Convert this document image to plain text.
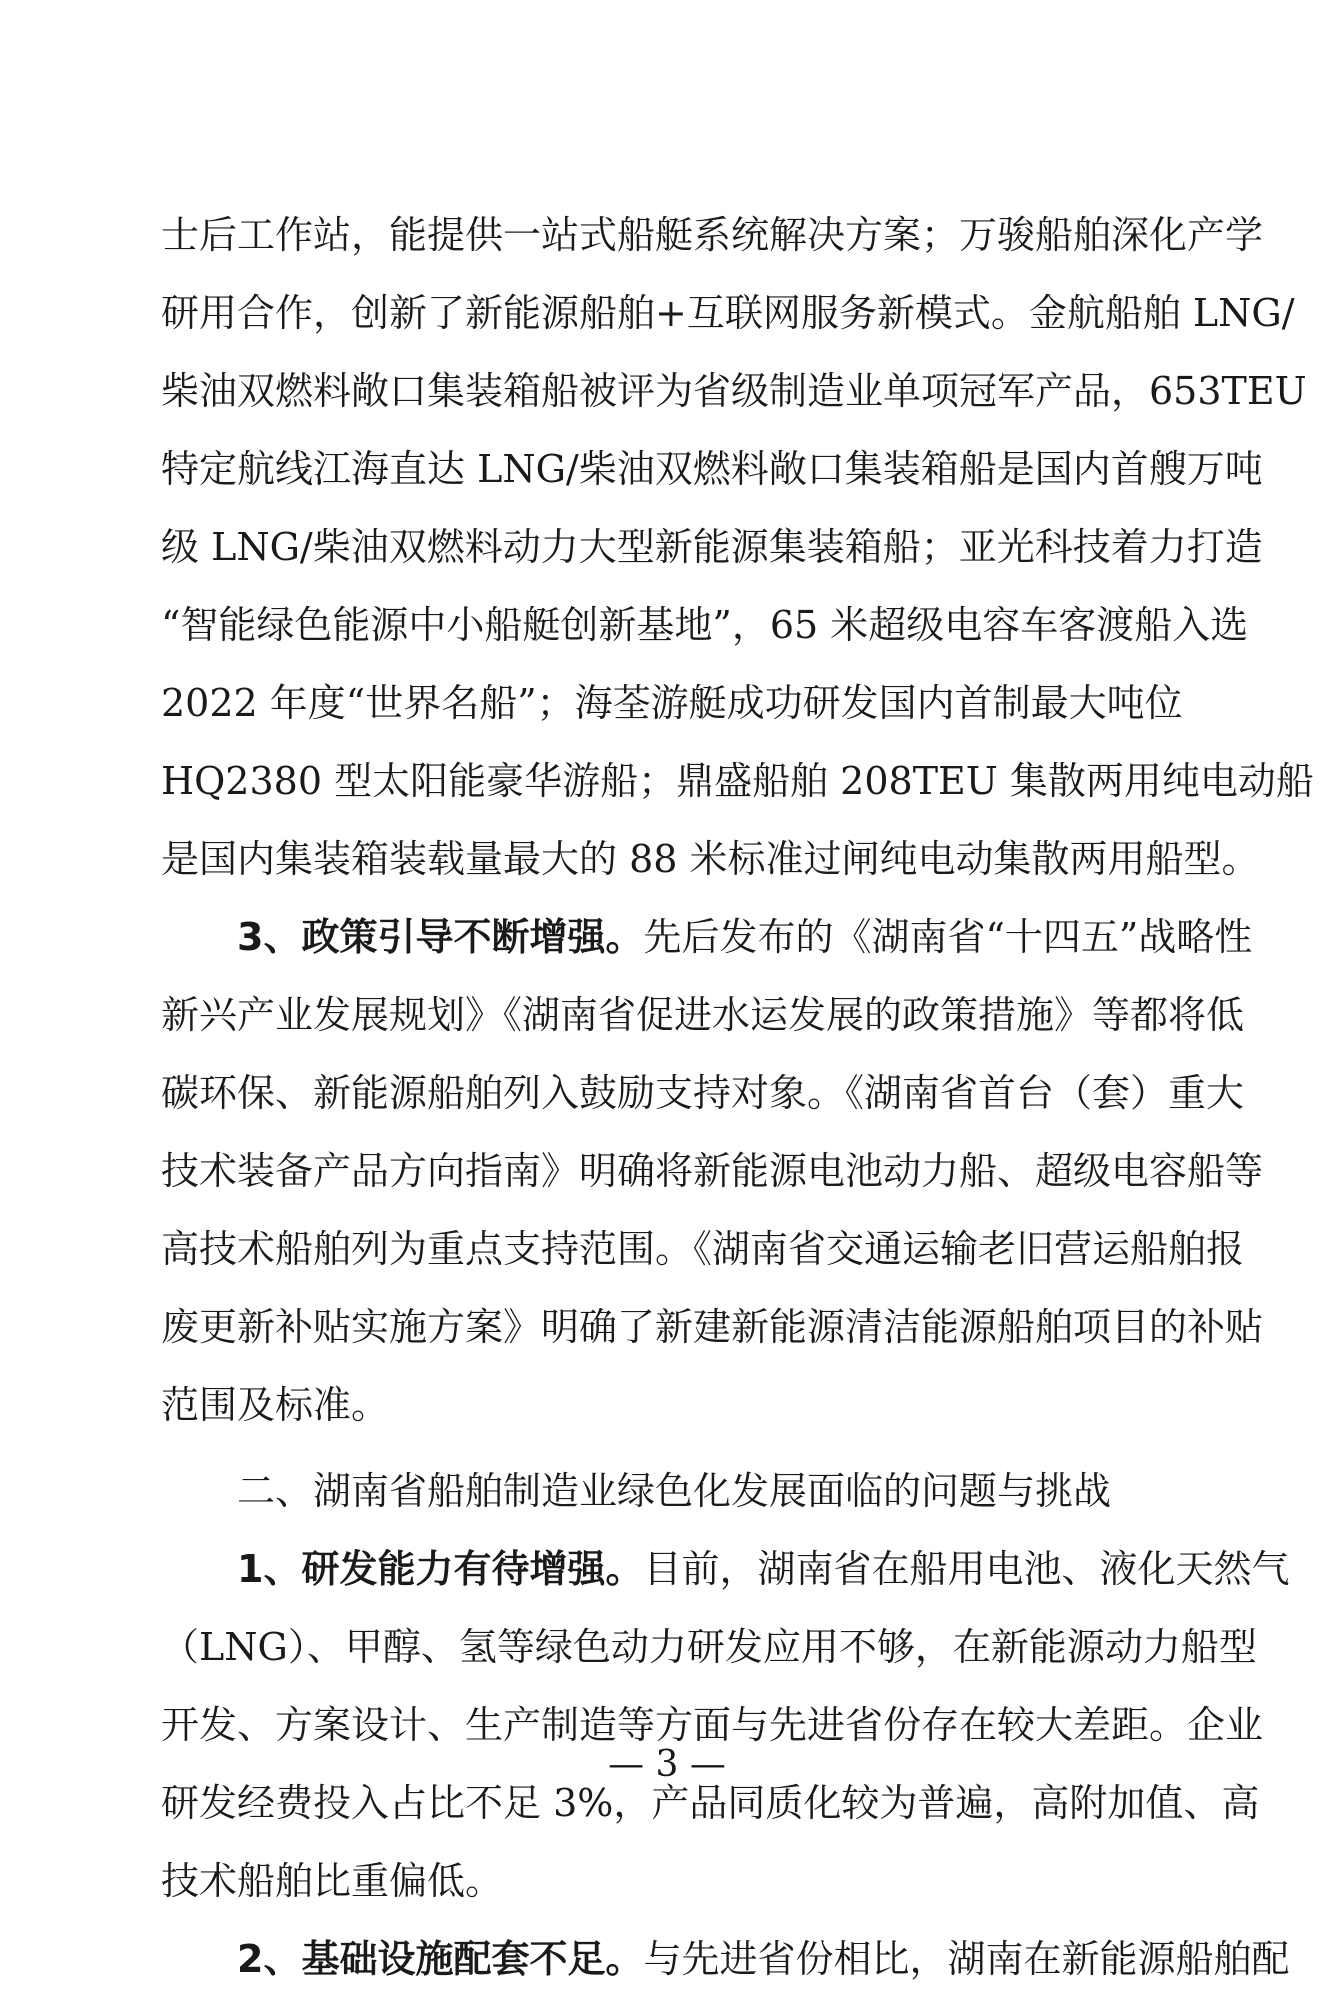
士后工作站，能提供一站式船艇系统解决方案；万骏船舶深化产学
研用合作，创新了新能源船舶+互联网服务新模式。金航船舶 LNG/
柴油双燃料敞口集装箱船被评为省级制造业单项冠军产品，653TEU
特定航线江海直达 LNG/柴油双燃料敞口集装箱船是国内首艘万吨
级 LNG/柴油双燃料动力大型新能源集装箱船；亚光科技着力打造
“智能绿色能源中小船艇创新基地”，65 米超级电容车客渡船入选
2022 年度“世界名船”；海荃游艇成功研发国内首制最大吨位
HQ2380 型太阳能豪华游船；鼎盛船舶 208TEU 集散两用纯电动船
是国内集装箱装载量最大的 88 米标准过闸纯电动集散两用船型。
3、政策引导不断增强。先后发布的《湖南省“十四五”战略性
新兴产业发展规划》《湖南省促进水运发展的政策措施》等都将低
碳环保、新能源船舶列入鼓励支持对象。《湖南省首台（套）重大
技术装备产品方向指南》明确将新能源电池动力船、超级电容船等
高技术船舶列为重点支持范围。《湖南省交通运输老旧营运船舶报
废更新补贴实施方案》明确了新建新能源清洁能源船舶项目的补贴
范围及标准。
二、湖南省船舶制造业绿色化发展面临的问题与挑战
1、研发能力有待增强。目前，湖南省在船用电池、液化天然气
（LNG）、甲醇、氢等绿色动力研发应用不够，在新能源动力船型
开发、方案设计、生产制造等方面与先进省份存在较大差距。企业
研发经费投入占比不足 3%，产品同质化较为普遍，高附加值、高
技术船舶比重偏低。
2、基础设施配套不足。与先进省份相比，湖南在新能源船舶配
— 3 —
